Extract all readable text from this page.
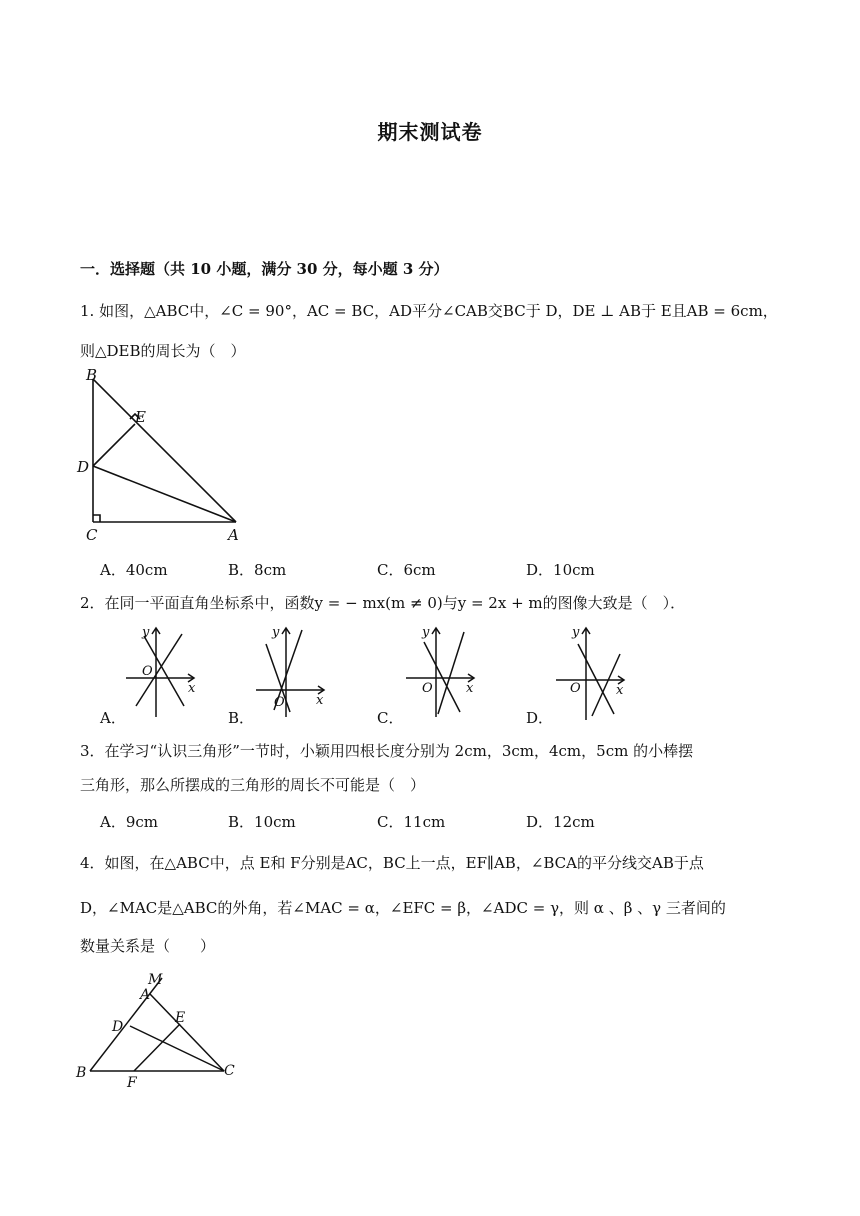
期末测试卷
一．选择题（共 10 小题，满分 30 分，每小题 3 分）
1. 如图，△ABC中，∠C = 90°，AC = BC，AD平分∠CAB交BC于 D，DE ⊥ AB于 E且AB = 6cm，
则△DEB的周长为（　）
B
E
D
C	A
A．40cm	B．8cm	C．6cm	D．10cm
2．在同一平面直角坐标系中，函数y = − mx(m ≠ 0)与y = 2x + m的图像大致是（　）．
y
O
x
A．
y
O x
B．
y
O	x
C．
y
O	x
D．
3．在学习“认识三角形”一节时，小颖用四根长度分别为 2cm，3cm，4cm，5cm 的小棒摆
三角形，那么所摆成的三角形的周长不可能是（　）
A．9cm	B．10cm	C．11cm	D．12cm
4．如图，在△ABC中，点 E和 F分别是AC，BC上一点，EF∥AB，∠BCA的平分线交AB于点
D，∠MAC是△ABC的外角，若∠MAC = α，∠EFC = β，∠ADC = γ，则 α 、β 、γ 三者间的
数量关系是（　　）
M
A
D
E
B
F
C
